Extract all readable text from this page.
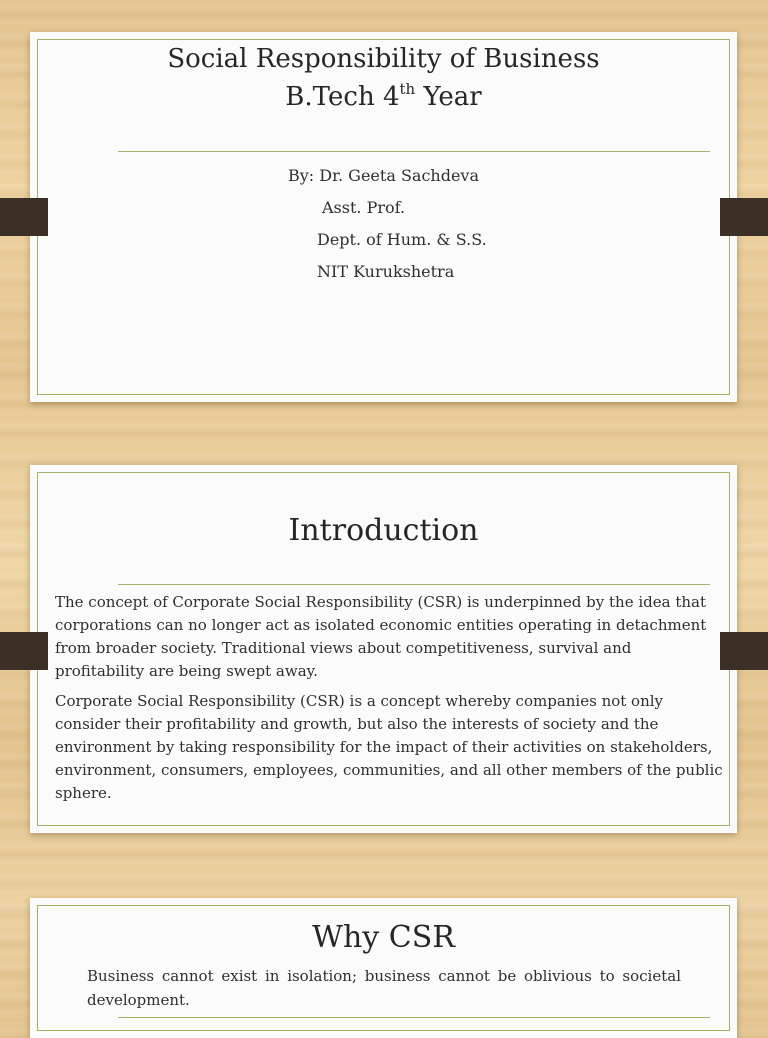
Social Responsibility of Business
B.Tech 4th Year
By: Dr. Geeta Sachdeva
Asst. Prof.
Dept. of Hum. & S.S.
NIT Kurukshetra
Introduction
The concept of Corporate Social Responsibility (CSR) is underpinned by the idea that corporations can no longer act as isolated economic entities operating in detachment from broader society. Traditional views about competitiveness, survival and profitability are being swept away.
Corporate Social Responsibility (CSR) is a concept whereby companies not only consider their profitability and growth, but also the interests of society and the environment by taking responsibility for the impact of their activities on stakeholders, environment, consumers, employees, communities, and all other members of the public sphere.
Why CSR
Business cannot exist in isolation; business cannot be oblivious to societal development.
